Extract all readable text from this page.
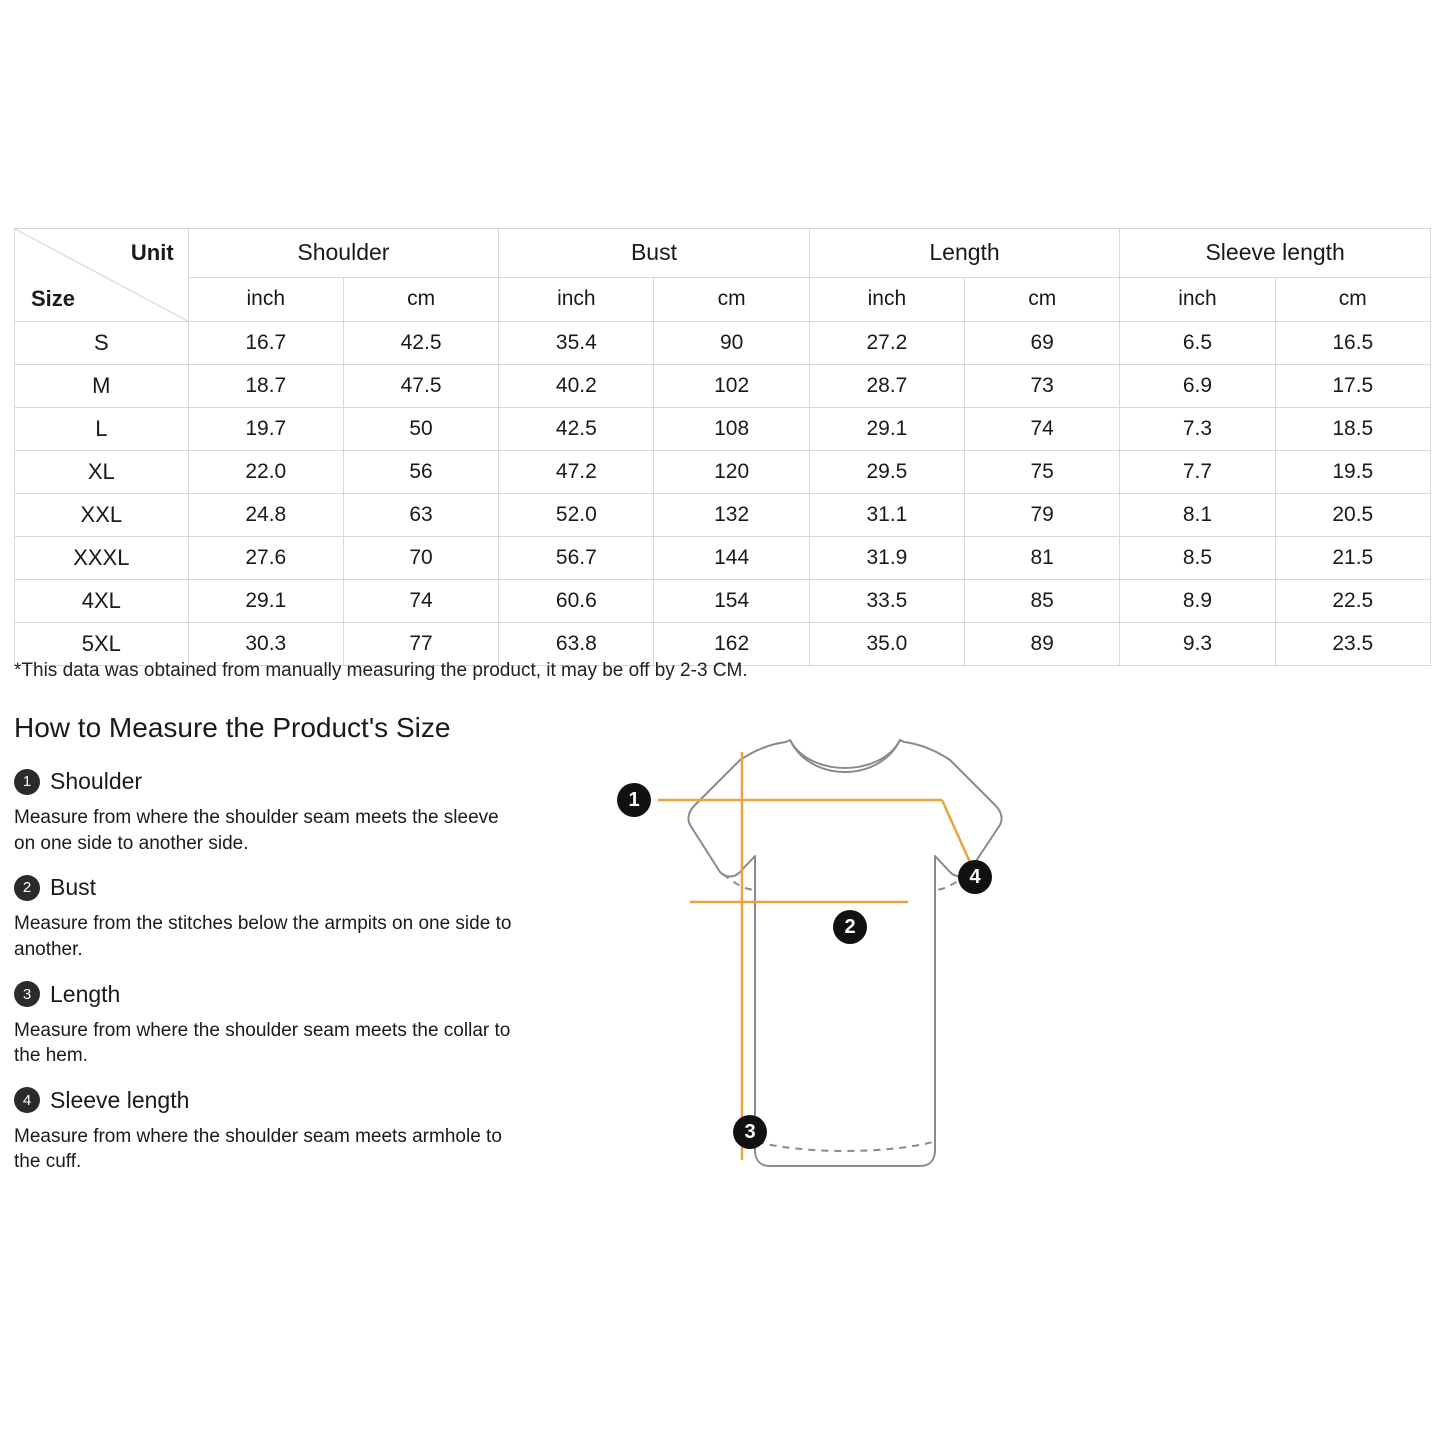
Unit
Size	Shoulder		Bust		Length		Sleeve length	
	inch	cm	inch	cm	inch	cm	inch	cm
S	16.7	42.5	35.4	90	27.2	69	6.5	16.5
M	18.7	47.5	40.2	102	28.7	73	6.9	17.5
L	19.7	50	42.5	108	29.1	74	7.3	18.5
XL	22.0	56	47.2	120	29.5	75	7.7	19.5
XXL	24.8	63	52.0	132	31.1	79	8.1	20.5
XXXL	27.6	70	56.7	144	31.9	81	8.5	21.5
4XL	29.1	74	60.6	154	33.5	85	8.9	22.5
5XL	30.3	77	63.8	162	35.0	89	9.3	23.5
*This data was obtained from manually measuring the product, it may be off by 2-3 CM.
How to Measure the Product's Size
1 Shoulder
Measure from where the shoulder seam meets the sleeve on one side to another side.
2 Bust
Measure from the stitches below the armpits on one side to another.
3 Length
Measure from where the shoulder seam meets the collar to the hem.
4 Sleeve length
Measure from where the shoulder seam meets armhole to the cuff.
1
2
3
4
